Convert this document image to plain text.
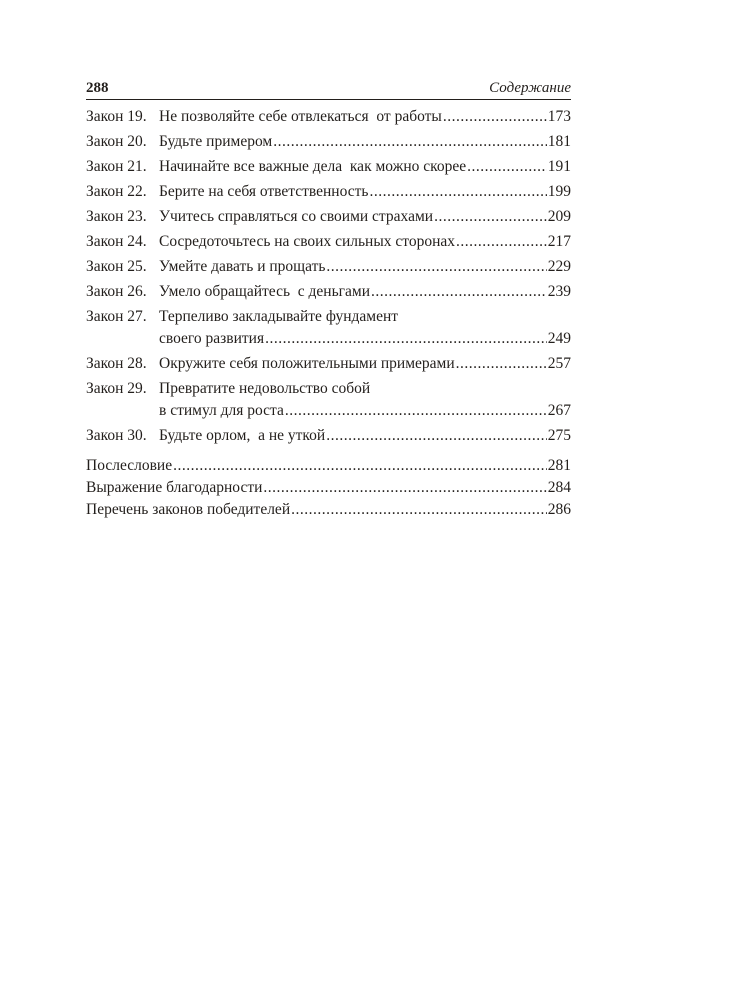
288	Содержание
Закон 19. Не позволяйте себе отвлекаться  от работы .....	173
Закон 20. Будьте примером .....	181
Закон 21. Начинайте все важные дела  как можно скорее .....	191
Закон 22. Берите на себя ответственность .....	199
Закон 23. Учитесь справляться со своими страхами .....	209
Закон 24. Сосредоточьтесь на своих сильных сторонах .....	217
Закон 25. Умейте давать и прощать .....	229
Закон 26. Умело обращайтесь  с деньгами .....	239
Закон 27. Терпеливо закладывайте фундамент
своего развития .....	249
Закон 28. Окружите себя положительными примерами .....	257
Закон 29. Превратите недовольство собой
в стимул для роста .....	267
Закон 30. Будьте орлом,  а не уткой .....	275
Послесловие .....	281
Выражение благодарности .....	284
Перечень законов победителей .....	286
